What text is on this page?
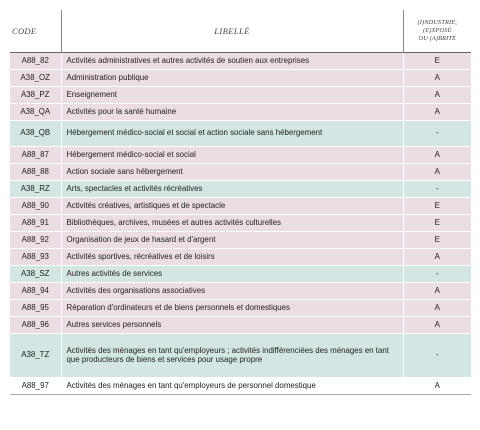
CODE	LIBELLÉ	(I)NDUSTRIE,
(E)XPOSÉ
OU (A)BRITÉ

A88_82	Activités administratives et autres activités de soutien aux entreprises	E
A38_OZ	Administration publique	A
A38_PZ	Enseignement	A
A38_QA	Activités pour la santé humaine	A
A38_QB	Hébergement médico-social et social et action sociale sans hébergement	-
A88_87	Hébergement médico-social et social	A
A88_88	Action sociale sans hébergement	A
A38_RZ	Arts, spectacles et activités récréatives	-
A88_90	Activités créatives, artistiques et de spectacle	E
A88_91	Bibliothèques, archives, musées et autres activités culturelles	E
A88_92	Organisation de jeux de hasard et d'argent	E
A88_93	Activités sportives, récréatives et de loisirs	A
A38_SZ	Autres activités de services	-
A88_94	Activités des organisations associatives	A
A88_95	Réparation d'ordinateurs et de biens personnels et domestiques	A
A88_96	Autres services personnels	A
A38_TZ	Activités des ménages en tant qu'employeurs ; activités indifférenciées des ménages en tant que producteurs de biens et services pour usage propre	-
A88_97	Activités des ménages en tant qu'employeurs de personnel domestique	A
